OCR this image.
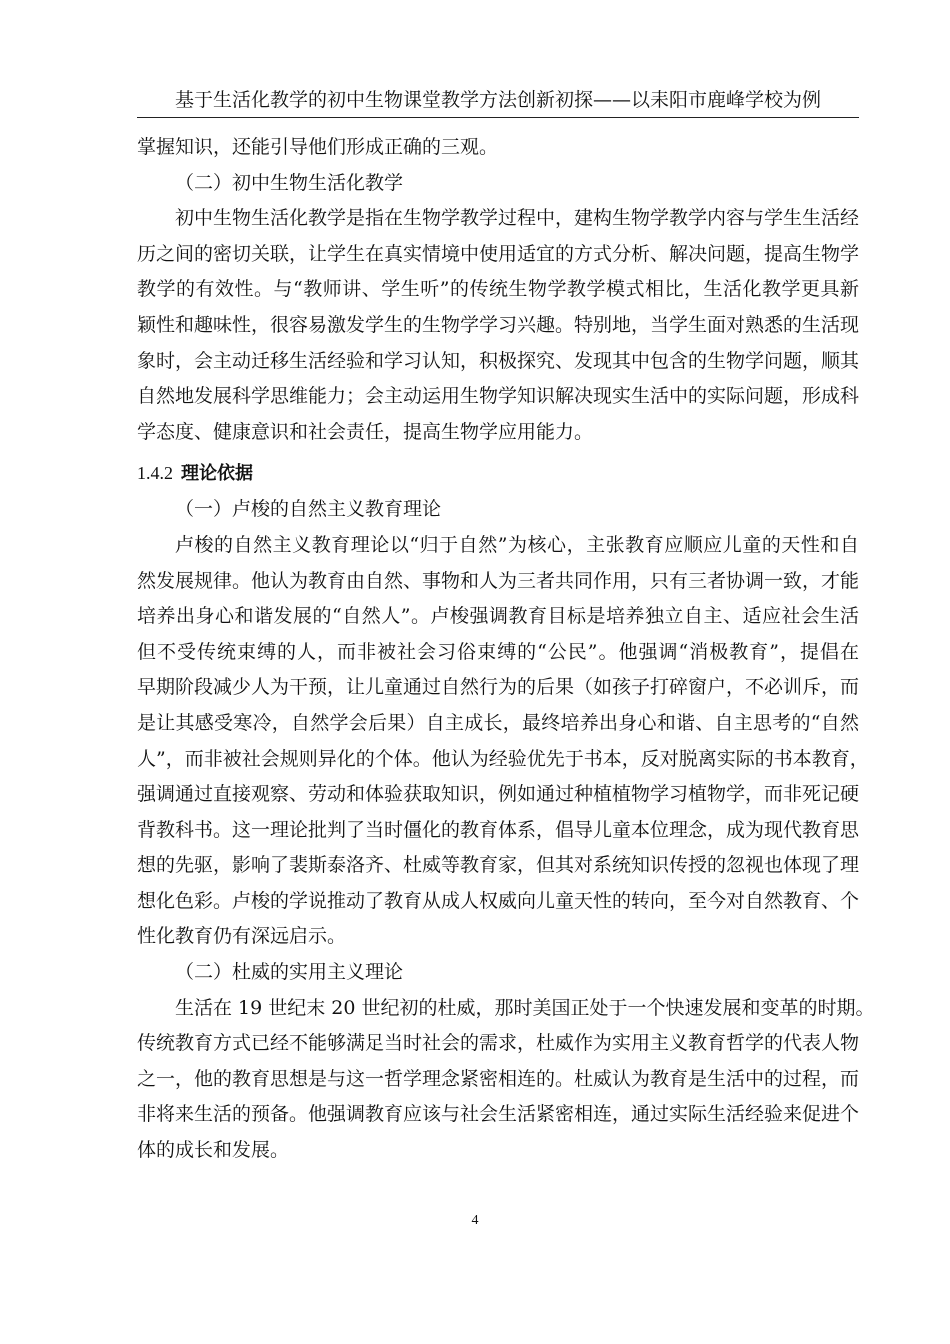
基于生活化教学的初中生物课堂教学方法创新初探——以耒阳市鹿峰学校为例
掌握知识，还能引导他们形成正确的三观。
（二）初中生物生活化教学
初中生物生活化教学是指在生物学教学过程中，建构生物学教学内容与学生生活经
历之间的密切关联，让学生在真实情境中使用适宜的方式分析、解决问题，提高生物学
教学的有效性。与“教师讲、学生听”的传统生物学教学模式相比，生活化教学更具新
颖性和趣味性，很容易激发学生的生物学学习兴趣。特别地，当学生面对熟悉的生活现
象时，会主动迁移生活经验和学习认知，积极探究、发现其中包含的生物学问题，顺其
自然地发展科学思维能力；会主动运用生物学知识解决现实生活中的实际问题，形成科
学态度、健康意识和社会责任，提高生物学应用能力。
1.4.2 理论依据
（一）卢梭的自然主义教育理论
卢梭的自然主义教育理论以“归于自然”为核心，主张教育应顺应儿童的天性和自
然发展规律。他认为教育由自然、事物和人为三者共同作用，只有三者协调一致，才能
培养出身心和谐发展的“自然人”。卢梭强调教育目标是培养独立自主、适应社会生活
但不受传统束缚的人，而非被社会习俗束缚的“公民”。他强调“消极教育”，提倡在
早期阶段减少人为干预，让儿童通过自然行为的后果（如孩子打碎窗户，不必训斥，而
是让其感受寒冷，自然学会后果）自主成长，最终培养出身心和谐、自主思考的“自然
人”，而非被社会规则异化的个体。他认为经验优先于书本，反对脱离实际的书本教育，
强调通过直接观察、劳动和体验获取知识，例如通过种植植物学习植物学，而非死记硬
背教科书。这一理论批判了当时僵化的教育体系，倡导儿童本位理念，成为现代教育思
想的先驱，影响了裴斯泰洛齐、杜威等教育家，但其对系统知识传授的忽视也体现了理
想化色彩。卢梭的学说推动了教育从成人权威向儿童天性的转向，至今对自然教育、个
性化教育仍有深远启示。
（二）杜威的实用主义理论
生活在 19 世纪末 20 世纪初的杜威，那时美国正处于一个快速发展和变革的时期。
传统教育方式已经不能够满足当时社会的需求，杜威作为实用主义教育哲学的代表人物
之一，他的教育思想是与这一哲学理念紧密相连的。杜威认为教育是生活中的过程，而
非将来生活的预备。他强调教育应该与社会生活紧密相连，通过实际生活经验来促进个
体的成长和发展。
4
